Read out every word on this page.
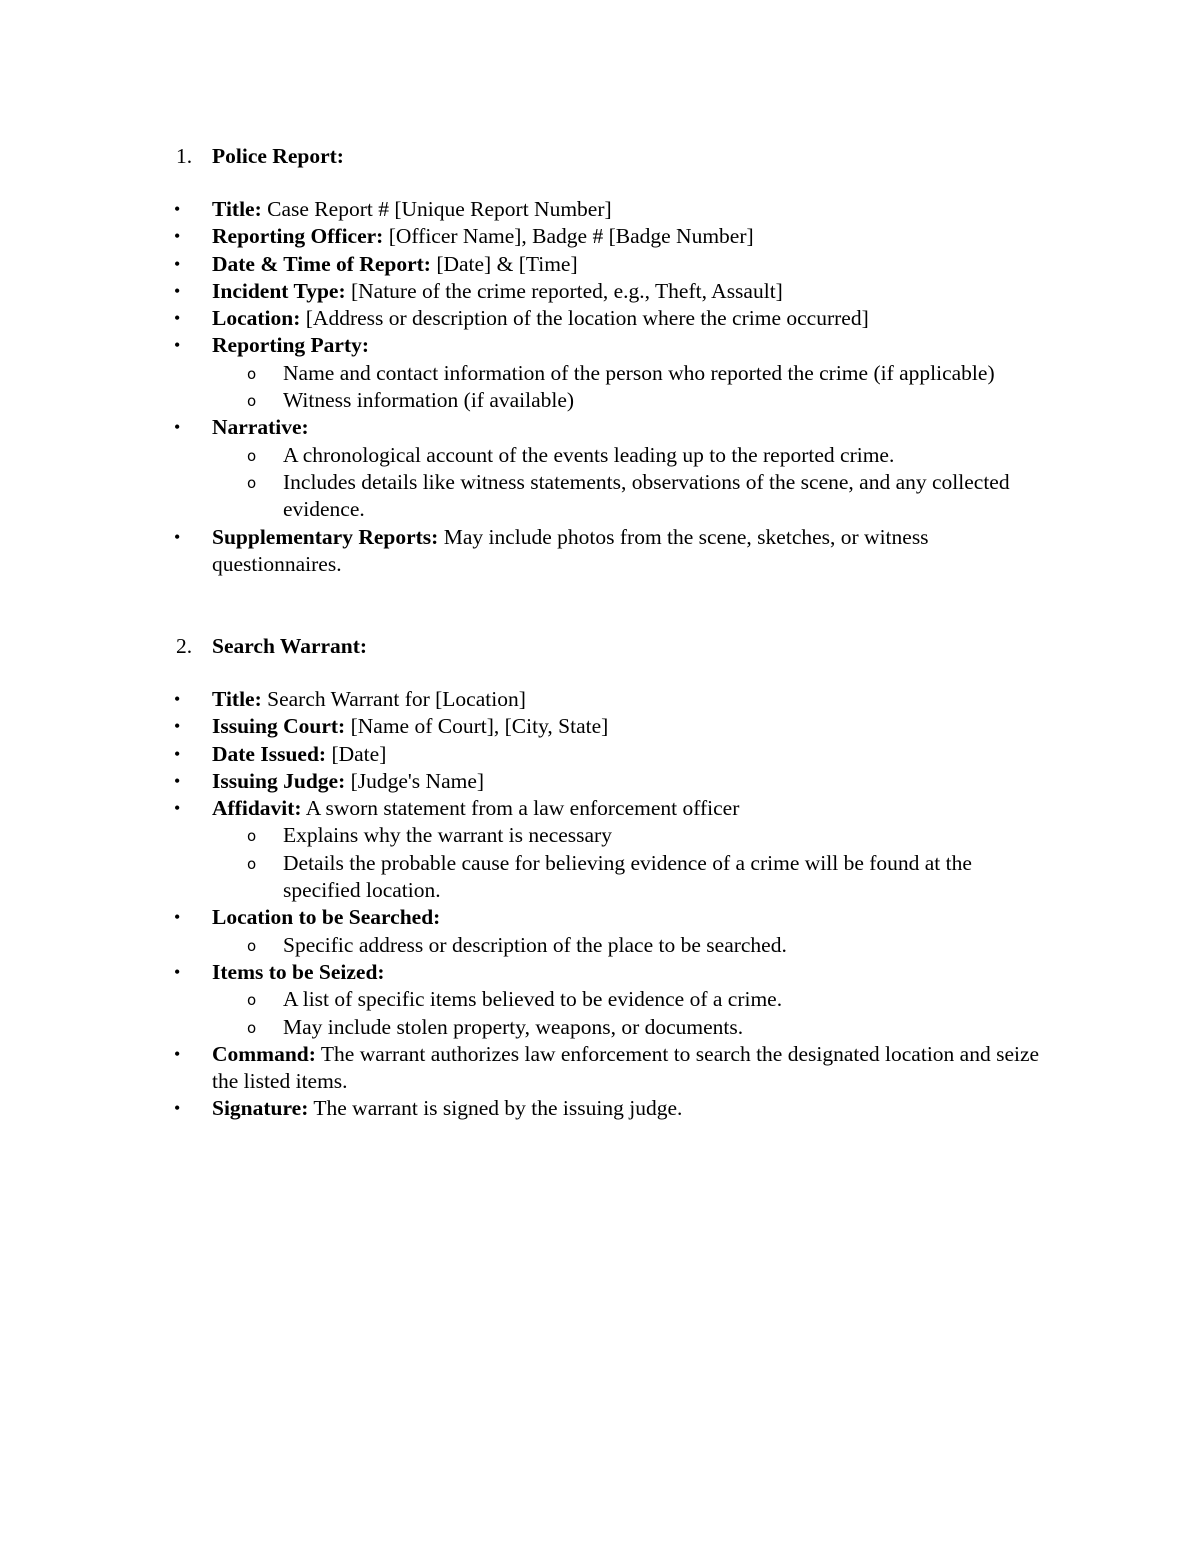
1. Police Report:
• Title: Case Report # [Unique Report Number]
• Reporting Officer: [Officer Name], Badge # [Badge Number]
• Date & Time of Report: [Date] & [Time]
• Incident Type: [Nature of the crime reported, e.g., Theft, Assault]
• Location: [Address or description of the location where the crime occurred]
• Reporting Party:
o Name and contact information of the person who reported the crime (if applicable)
o Witness information (if available)
• Narrative:
o A chronological account of the events leading up to the reported crime.
o Includes details like witness statements, observations of the scene, and any collected evidence.
• Supplementary Reports: May include photos from the scene, sketches, or witness questionnaires.
2. Search Warrant:
• Title: Search Warrant for [Location]
• Issuing Court: [Name of Court], [City, State]
• Date Issued: [Date]
• Issuing Judge: [Judge's Name]
• Affidavit: A sworn statement from a law enforcement officer
o Explains why the warrant is necessary
o Details the probable cause for believing evidence of a crime will be found at the specified location.
• Location to be Searched:
o Specific address or description of the place to be searched.
• Items to be Seized:
o A list of specific items believed to be evidence of a crime.
o May include stolen property, weapons, or documents.
• Command: The warrant authorizes law enforcement to search the designated location and seize the listed items.
• Signature: The warrant is signed by the issuing judge.
